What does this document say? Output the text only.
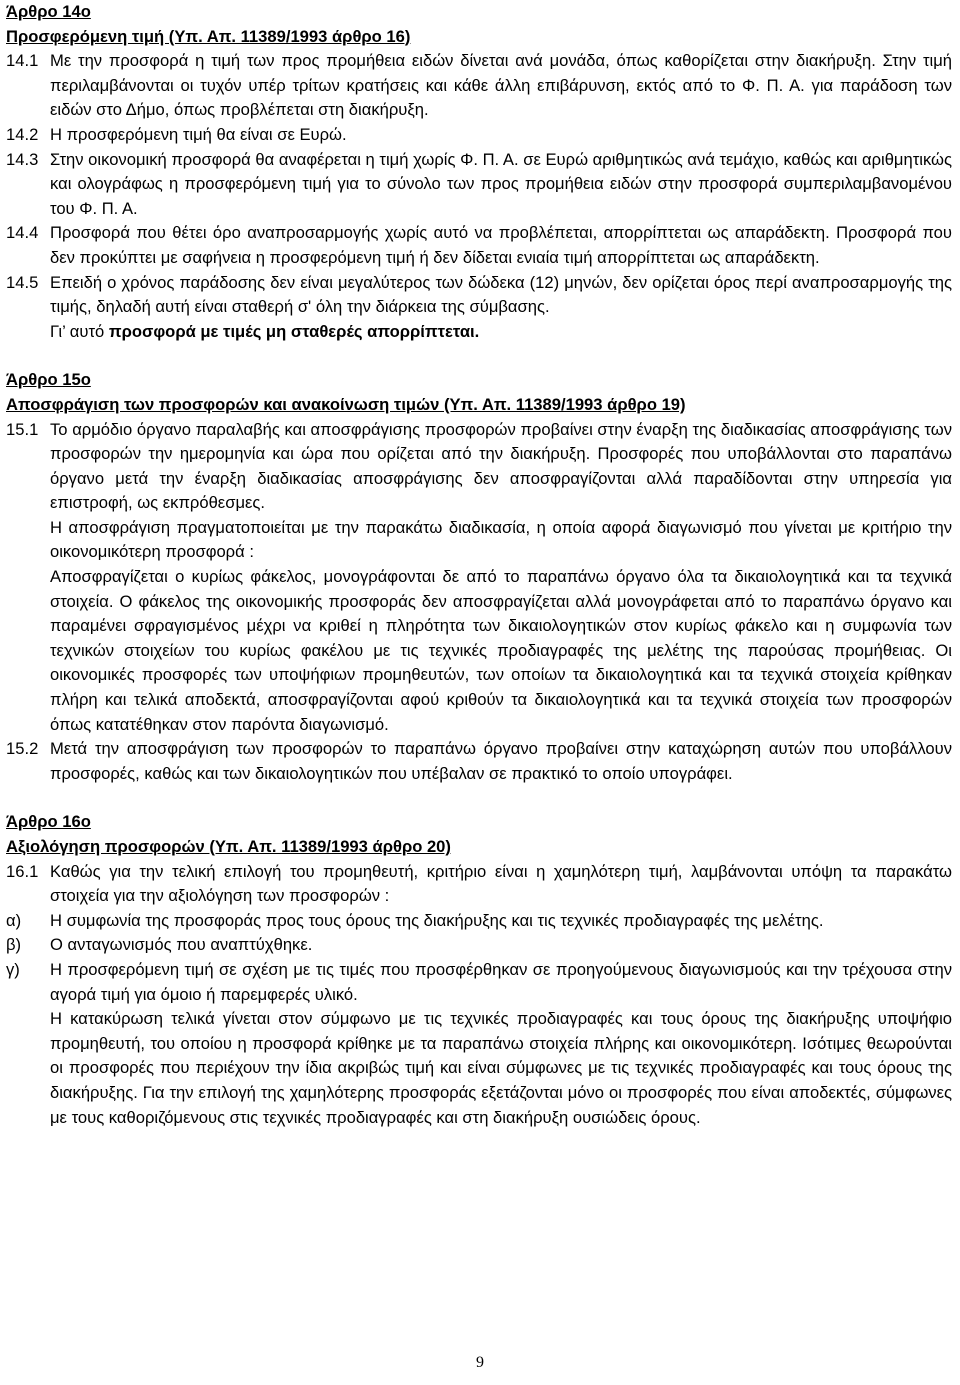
Άρθρο 14ο
Προσφερόμενη τιμή (Υπ. Απ. 11389/1993 άρθρο 16)
14.1 Με την προσφορά η τιμή των προς προμήθεια ειδών δίνεται ανά μονάδα, όπως καθορίζεται στην διακήρυξη. Στην τιμή περιλαμβάνονται οι τυχόν υπέρ τρίτων κρατήσεις και κάθε άλλη επιβάρυνση, εκτός από το Φ. Π. Α. για παράδοση των ειδών στο Δήμο, όπως προβλέπεται στη διακήρυξη.
14.2 Η προσφερόμενη τιμή θα είναι σε Ευρώ.
14.3 Στην οικονομική προσφορά θα αναφέρεται η τιμή χωρίς Φ. Π. Α. σε Ευρώ αριθμητικώς ανά τεμάχιο, καθώς και αριθμητικώς και ολογράφως η προσφερόμενη τιμή για το σύνολο των προς προμήθεια ειδών στην προσφορά συμπεριλαμβανομένου του Φ. Π. Α.
14.4 Προσφορά που θέτει όρο αναπροσαρμογής χωρίς αυτό να προβλέπεται, απορρίπτεται ως απαράδεκτη. Προσφορά που δεν προκύπτει με σαφήνεια η προσφερόμενη τιμή ή δεν δίδεται ενιαία τιμή απορρίπτεται ως απαράδεκτη.
14.5 Επειδή ο χρόνος παράδοσης δεν είναι μεγαλύτερος των δώδεκα (12) μηνών, δεν ορίζεται όρος περί αναπροσαρμογής της τιμής, δηλαδή αυτή είναι σταθερή σ' όλη την διάρκεια της σύμβασης.
Γι’ αυτό προσφορά με τιμές μη σταθερές απορρίπτεται.
Άρθρο 15ο
Αποσφράγιση των προσφορών και ανακοίνωση τιμών (Υπ. Απ. 11389/1993 άρθρο 19)
15.1 Το αρμόδιο όργανο παραλαβής και αποσφράγισης προσφορών προβαίνει στην έναρξη της διαδικασίας αποσφράγισης των προσφορών την ημερομηνία και ώρα που ορίζεται από την διακήρυξη. Προσφορές που υποβάλλονται στο παραπάνω όργανο μετά την έναρξη διαδικασίας αποσφράγισης δεν αποσφραγίζονται αλλά παραδίδονται στην υπηρεσία για επιστροφή, ως εκπρόθεσμες.
Η αποσφράγιση πραγματοποιείται με την παρακάτω διαδικασία, η οποία αφορά διαγωνισμό που γίνεται με κριτήριο την οικονομικότερη προσφορά :
Αποσφραγίζεται ο κυρίως φάκελος, μονογράφονται δε από το παραπάνω όργανο όλα τα δικαιολογητικά και τα τεχνικά στοιχεία. Ο φάκελος της οικονομικής προσφοράς δεν αποσφραγίζεται αλλά μονογράφεται από το παραπάνω όργανο και παραμένει σφραγισμένος μέχρι να κριθεί η πληρότητα των δικαιολογητικών στον κυρίως φάκελο και η συμφωνία των τεχνικών στοιχείων του κυρίως φακέλου με τις τεχνικές προδιαγραφές της μελέτης της παρούσας προμήθειας. Οι οικονομικές προσφορές των υποψήφιων προμηθευτών, των οποίων τα δικαιολογητικά και τα τεχνικά στοιχεία κρίθηκαν πλήρη και τελικά αποδεκτά, αποσφραγίζονται αφού κριθούν τα δικαιολογητικά και τα τεχνικά στοιχεία των προσφορών όπως κατατέθηκαν στον παρόντα διαγωνισμό.
15.2 Μετά την αποσφράγιση των προσφορών το παραπάνω όργανο προβαίνει στην καταχώρηση αυτών που υποβάλλουν προσφορές, καθώς και των δικαιολογητικών που υπέβαλαν σε πρακτικό το οποίο υπογράφει.
Άρθρο 16ο
Αξιολόγηση προσφορών (Υπ. Απ. 11389/1993 άρθρο 20)
16.1 Καθώς για την τελική επιλογή του προμηθευτή, κριτήριο είναι η χαμηλότερη τιμή, λαμβάνονται υπόψη τα παρακάτω στοιχεία για την αξιολόγηση των προσφορών :
α)	Η συμφωνία της προσφοράς προς τους όρους της διακήρυξης και τις τεχνικές προδιαγραφές της μελέτης.
β)	Ο ανταγωνισμός που αναπτύχθηκε.
γ)	Η προσφερόμενη τιμή σε σχέση με τις τιμές που προσφέρθηκαν σε προηγούμενους διαγωνισμούς και την τρέχουσα στην αγορά τιμή για όμοιο ή παρεμφερές υλικό.
Η κατακύρωση τελικά γίνεται στον σύμφωνο με τις τεχνικές προδιαγραφές και τους όρους της διακήρυξης υποψήφιο προμηθευτή, του οποίου η προσφορά κρίθηκε με τα παραπάνω στοιχεία πλήρης και οικονομικότερη. Ισότιμες θεωρούνται οι προσφορές που περιέχουν την ίδια ακριβώς τιμή και είναι σύμφωνες με τις τεχνικές προδιαγραφές και τους όρους της διακήρυξης. Για την επιλογή της χαμηλότερης προσφοράς εξετάζονται μόνο οι προσφορές που είναι αποδεκτές, σύμφωνες με τους καθοριζόμενους στις τεχνικές προδιαγραφές και στη διακήρυξη ουσιώδεις όρους.
9
